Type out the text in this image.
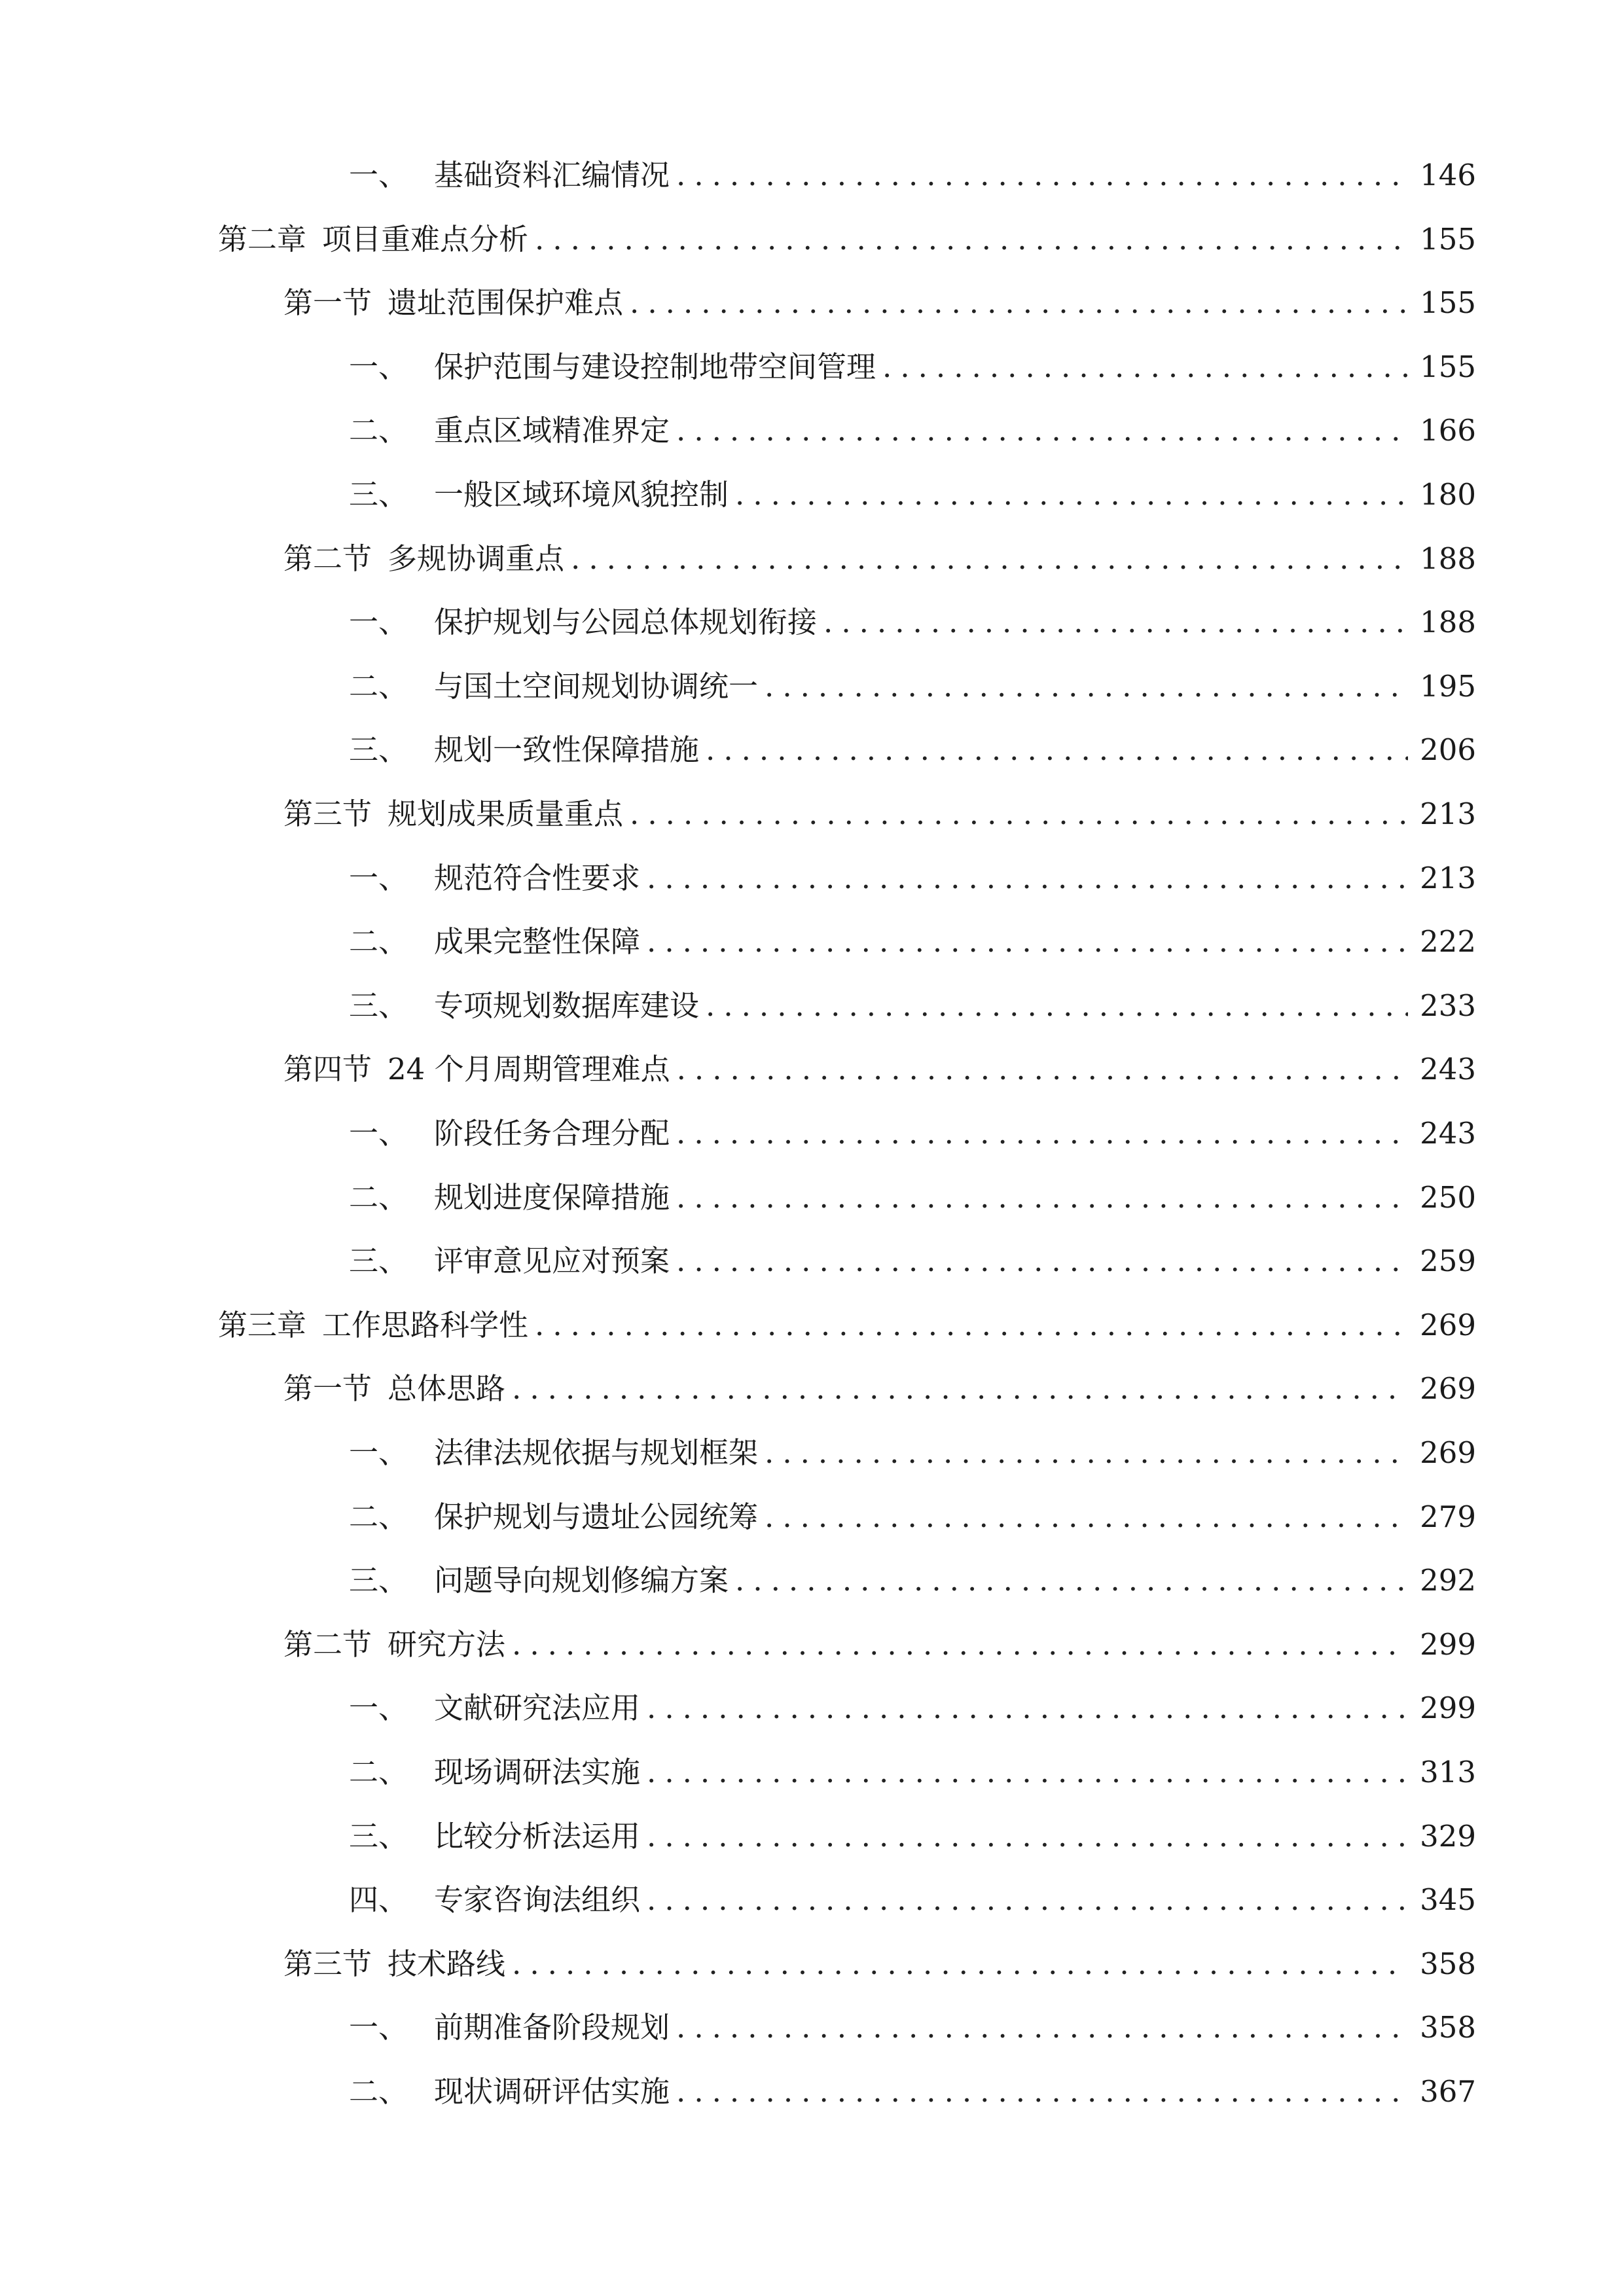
一、 基础资料汇编情况 .....	146
第二章 项目重难点分析 .....	155
第一节 遗址范围保护难点 .....	155
一、 保护范围与建设控制地带空间管理 .....	155
二、 重点区域精准界定 .....	166
三、 一般区域环境风貌控制 .....	180
第二节 多规协调重点 .....	188
一、 保护规划与公园总体规划衔接 .....	188
二、 与国土空间规划协调统一 .....	195
三、 规划一致性保障措施 .....	206
第三节 规划成果质量重点 .....	213
一、 规范符合性要求 .....	213
二、 成果完整性保障 .....	222
三、 专项规划数据库建设 .....	233
第四节 24 个月周期管理难点 .....	243
一、 阶段任务合理分配 .....	243
二、 规划进度保障措施 .....	250
三、 评审意见应对预案 .....	259
第三章 工作思路科学性 .....	269
第一节 总体思路 .....	269
一、 法律法规依据与规划框架 .....	269
二、 保护规划与遗址公园统筹 .....	279
三、 问题导向规划修编方案 .....	292
第二节 研究方法 .....	299
一、 文献研究法应用 .....	299
二、 现场调研法实施 .....	313
三、 比较分析法运用 .....	329
四、 专家咨询法组织 .....	345
第三节 技术路线 .....	358
一、 前期准备阶段规划 .....	358
二、 现状调研评估实施 .....	367
